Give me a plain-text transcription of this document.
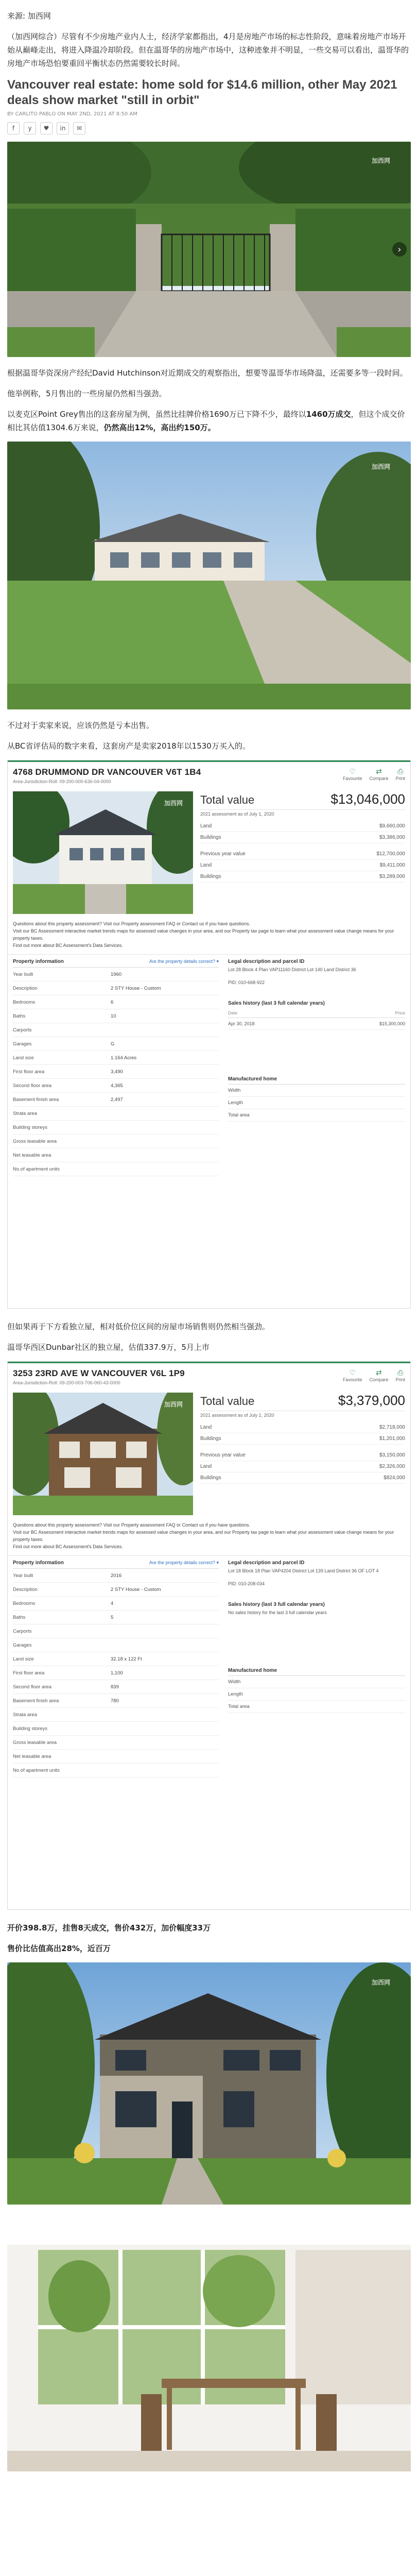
来源: 加西网

（加西网综合）尽管有不少房地产业内人士，经济学家都指出，4月是房地产市场的标志性阶段，意味着房地产市场开始从巅峰走出，将进入降温冷却阶段。但在温哥华的房地产市场中，这种迹象并不明显，一些交易可以看出，温哥华的房地产市场恐怕要重回平衡状态仍然需要较长时间。

Vancouver real estate: home sold for $14.6 million, other May 2021 deals show market "still in orbit"
BY CARLITO PABLO ON MAY 2ND, 2021 AT 8:50 AM
f	y	♥	in	✉
加西网
›

根据温哥华资深房产经纪David Hutchinson对近期成交的观察指出，想要等温哥华市场降温，还需要多等一段时间。

他举例称，5月售出的一些房屋仍然相当强劲。

以麦克区Point Grey售出的这套房屋为例，虽然比挂牌价格1690万已下降不少，最终以1460万成交，但这个成交价相比其估值1304.6万来说，仍然高出12%，高出约150万。

加西网

不过对于卖家来说，应该仍然是亏本出售。

从BC省评估局的数字来看，这套房产是卖家2018年以1530万买入的。

4768 DRUMMOND DR VANCOUVER V6T 1B4
Area-Jurisdiction-Roll: 09-200-000-636-04-0000
♡
Favourite
⇄
Compare
⎙
Print
加西网 Total value	$13,046,000
2021 assessment as of July 1, 2020
Land	$9,660,000
Buildings	$3,386,000
Previous year value	$12,700,000
Land	$9,411,000
Buildings	$3,289,000
Questions about this property assessment? Visit our Property assessment FAQ or Contact us if you have questions.
Visit our BC Assessment interactive market trends maps for assessed value changes in your area, and our Property tax page to learn what your assessment value change means for your property taxes.
Find out more about BC Assessment's Data Services.
Property information	Are the property details correct? ▾
Year built	1960
Description	2 STY House - Custom
Bedrooms	6
Baths	10
Carports
Garages	G
Land size	1.164 Acres
First floor area	3,490
Second floor area	4,365
Basement finish area	2,497
Strata area
Building storeys
Gross leasable area
Net leasable area
No.of apartment units
Legal description and parcel ID
Lot 28 Block 4 Plan VAP11160 District Lot 140 Land District 36
PID: 010-668-922
Sales history (last 3 full calendar years)
Date	Price
Apr 30, 2018	$15,300,000
Manufactured home
Width
Length
Total area

但如果再于下方看独立屋，相对低价位区间的房屋市场销售则仍然相当强劲。

温哥华西区Dunbar社区的独立屋，估值337.9万，5月上市

3253 23RD AVE W VANCOUVER V6L 1P9
Area-Jurisdiction-Roll: 09-200-003-706-060-43-0000
♡
Favourite
⇄
Compare
⎙
Print
加西网 Total value	$3,379,000
2021 assessment as of July 1, 2020
Land	$2,718,000
Buildings	$1,201,000
Previous year value	$3,150,000
Land	$2,326,000
Buildings	$824,000
Questions about this property assessment? Visit our Property assessment FAQ or Contact us if you have questions.
Visit our BC Assessment interactive market trends maps for assessed value changes in your area, and our Property tax page to learn what your assessment value change means for your property taxes.
Find out more about BC Assessment's Data Services.
Property information	Are the property details correct? ▾
Year built	2016
Description	2 STY House - Custom
Bedrooms	4
Baths	5
Carports
Garages
Land size	32.18 x 122 Ft
First floor area	1,100
Second floor area	839
Basement finish area	780
Strata area
Building storeys
Gross leasable area
Net leasable area
No.of apartment units
Legal description and parcel ID
Lot 18 Block 18 Plan VAP4204 District Lot 139 Land District 36 OF LOT 4
PID: 010-208-034
Sales history (last 3 full calendar years)
No sales history for the last 3 full calendar years
Manufactured home
Width
Length
Total area

开价398.8万，挂售8天成交，售价432万，加价幅度33万

售价比估值高出28%，近百万

加西网
加西网
